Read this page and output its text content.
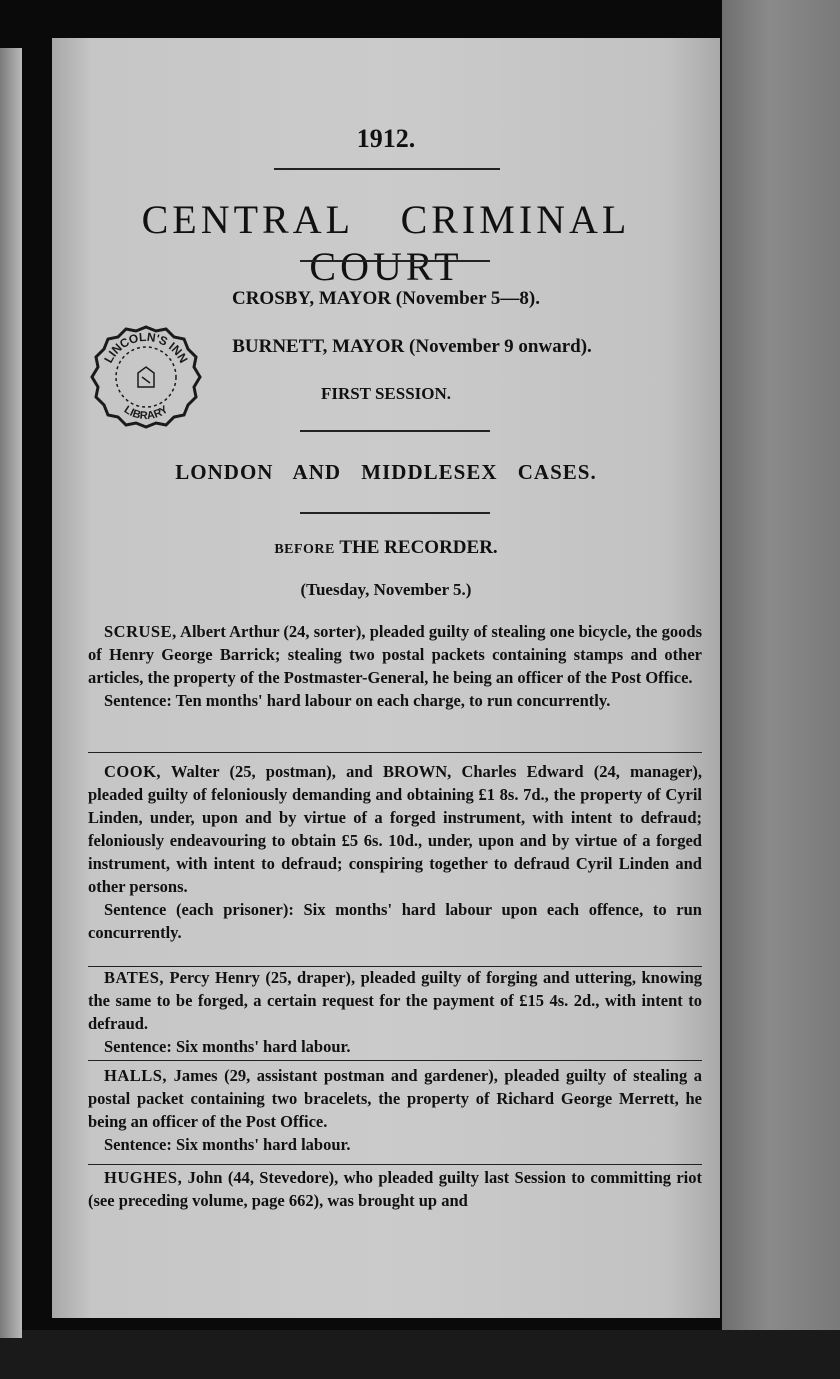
1912.
CENTRAL CRIMINAL COURT
CROSBY, MAYOR (November 5—8).
BURNETT, MAYOR (November 9 onward).
FIRST SESSION.
LONDON AND MIDDLESEX CASES.
BEFORE THE RECORDER.
(Tuesday, November 5.)

SCRUSE, Albert Arthur (24, sorter), pleaded guilty of stealing one bicycle, the goods of Henry George Barrick; stealing two postal packets containing stamps and other articles, the property of the Postmaster-General, he being an officer of the Post Office.

Sentence: Ten months' hard labour on each charge, to run concurrently.

COOK, Walter (25, postman), and BROWN, Charles Edward (24, manager), pleaded guilty of feloniously demanding and obtaining £1 8s. 7d., the property of Cyril Linden, under, upon and by virtue of a forged instrument, with intent to defraud; feloniously endeavouring to obtain £5 6s. 10d., under, upon and by virtue of a forged instrument, with intent to defraud; conspiring together to defraud Cyril Linden and other persons.

Sentence (each prisoner): Six months' hard labour upon each offence, to run concurrently.

BATES, Percy Henry (25, draper), pleaded guilty of forging and uttering, knowing the same to be forged, a certain request for the payment of £15 4s. 2d., with intent to defraud.

Sentence: Six months' hard labour.

HALLS, James (29, assistant postman and gardener), pleaded guilty of stealing a postal packet containing two bracelets, the property of Richard George Merrett, he being an officer of the Post Office.

Sentence: Six months' hard labour.

HUGHES, John (44, Stevedore), who pleaded guilty last Session to committing riot (see preceding volume, page 662), was brought up and

LINCOLN'S INN
LIBRARY
